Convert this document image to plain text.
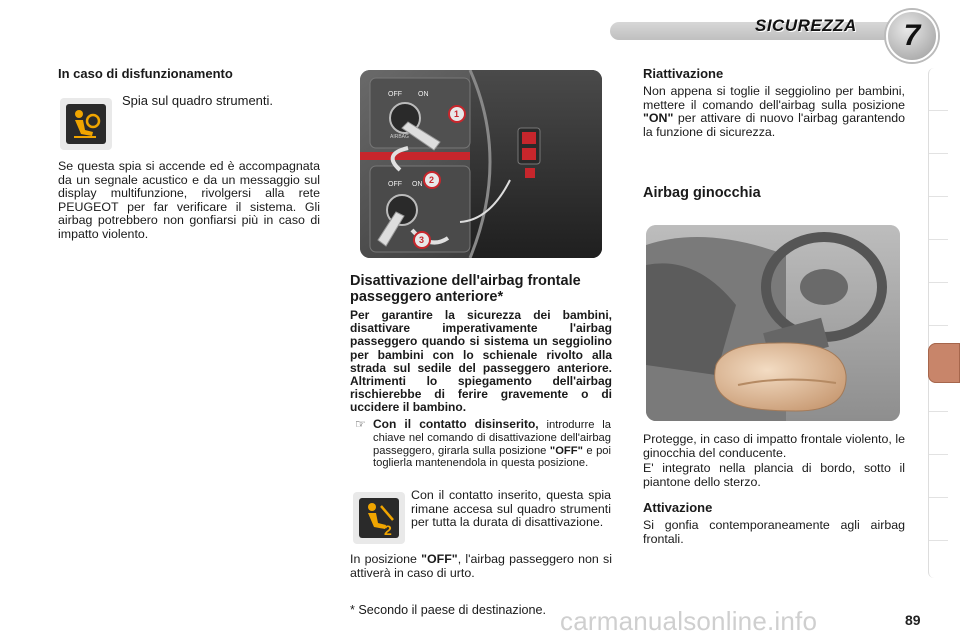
SICUREZZA	7
In caso di disfunzionamento
Spia sul quadro strumenti.
Se questa spia si accende ed è accompagnata da un segnale acustico e da un messaggio sul display multifunzione, rivolgersi alla rete PEUGEOT per far verificare il sistema. Gli airbag potrebbero non gonfiarsi più in caso di impatto violento.
OFF ON
OFF ON
AIRBAG
1
2
3
Disattivazione dell'airbag frontale passeggero anteriore*
Per garantire la sicurezza dei bambini, disattivare imperativamente l'airbag passeggero quando si sistema un seggiolino per bambini con lo schienale rivolto alla strada sul sedile del passeggero anteriore. Altrimenti lo spiegamento dell'airbag rischierebbe di ferire gravemente o di uccidere il bambino.
☞ Con il contatto disinserito, introdurre la chiave nel comando di disattivazione dell'airbag passeggero, girarla sulla posizione "OFF" e poi toglierla mantenendola in questa posizione.
2
Con il contatto inserito, questa spia rimane accesa sul quadro strumenti per tutta la durata di disattivazione.
In posizione "OFF", l'airbag passeggero non si attiverà in caso di urto.
* Secondo il paese di destinazione.
Riattivazione
Non appena si toglie il seggiolino per bambini, mettere il comando dell'airbag sulla posizione "ON" per attivare di nuovo l'airbag garantendo la funzione di sicurezza.
Airbag ginocchia
Protegge, in caso di impatto frontale violento, le ginocchia del conducente.
E' integrato nella plancia di bordo, sotto il piantone dello sterzo.
Attivazione
Si gonfia contemporaneamente agli airbag frontali.
carmanualsonline.info	89
